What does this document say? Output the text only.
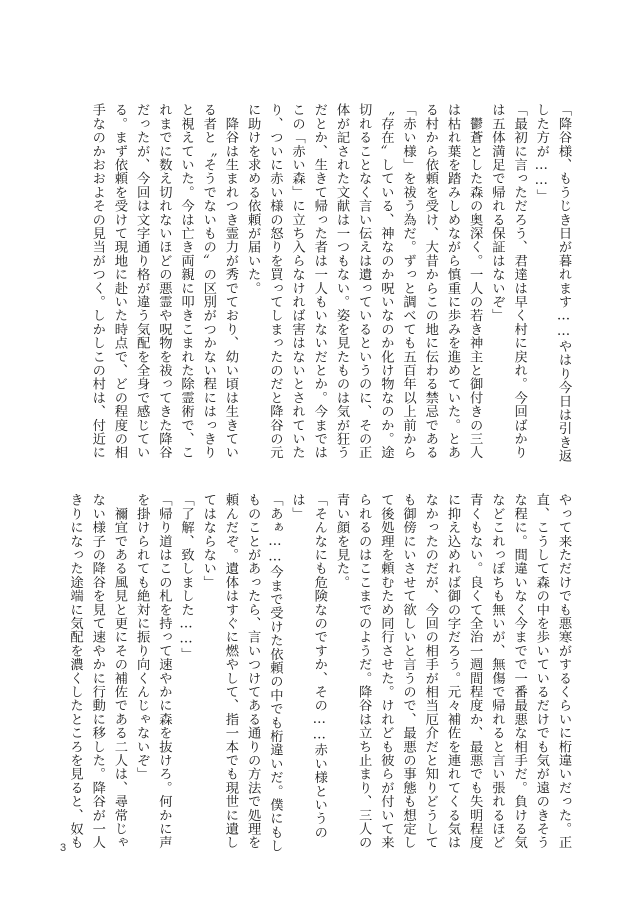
「降谷様、もうじき日が暮れます……やはり今日は引き返
した方が……」
「最初に言っただろう、君達は早く村に戻れ。今回ばかり
は五体満足で帰れる保証はないぞ」
　鬱蒼とした森の奥深く。一人の若き神主と御付きの三人
は枯れ葉を踏みしめながら慎重に歩みを進めていた。とあ
る村から依頼を受け、大昔からこの地に伝わる禁忌である
「赤い様」を祓う為だ。ずっと調べても五百年以上前から
〝存在〟している、神なのか呪いなのか化け物なのか。途
切れることなく言い伝えは遺っているというのに、その正
体が記された文献は一つもない。姿を見たものは気が狂う
だとか、生きて帰った者は一人もいないだとか。今までは
この「赤い森」に立ち入らなければ害はないとされていた
り、ついに赤い様の怒りを買ってしまったのだと降谷の元
に助けを求める依頼が届いた。
　降谷は生まれつき霊力が秀でており、幼い頃は生きてい
る者と〝そうでないもの〟の区別がつかない程にはっきり
と視えていた。今は亡き両親に叩きこまれた除霊術で、こ
れまでに数え切れないほどの悪霊や呪物を祓ってきた降谷
だったが、今回は文字通り格が違う気配を全身で感じてい
る。まず依頼を受けて現地に赴いた時点で、どの程度の相
手なのかおおよその見当がつく。しかしこの村は、付近に
やって来ただけでも悪寒がするくらいに桁違いだった。正
直、こうして森の中を歩いているだけでも気が遠のきそう
な程に。間違いなく今までで一番最悪な相手だ。負ける気
などこれっぽちも無いが、無傷で帰れると言い張れるほど
青くもない。良くて全治一週間程度か、最悪でも失明程度
に抑え込めれば御の字だろう。元々補佐を連れてくる気は
なかったのだが、今回の相手が相当厄介だと知りどうして
も御傍にいさせて欲しいと言うので、最悪の事態も想定し
て後処理を頼むため同行させた。けれども彼らが付いて来
られるのはここまでのようだ。降谷は立ち止まり、三人の
青い顔を見た。
「そんなにも危険なのですか、その……赤い様というの
は」
「あぁ……今まで受けた依頼の中でも桁違いだ。僕にもし
ものことがあったら、言いつけてある通りの方法で処理を
頼んだぞ。遺体はすぐに燃やして、指一本でも現世に遺し
てはならない」
「了解、致しました……」
「帰り道はこの札を持って速やかに森を抜けろ。何かに声
を掛けられても絶対に振り向くんじゃないぞ」
　禰宜である風見と更にその補佐である二人は、尋常じゃ
ない様子の降谷を見て速やかに行動に移した。降谷が一人
きりになった途端に気配を濃くしたところを見ると、奴も
3
